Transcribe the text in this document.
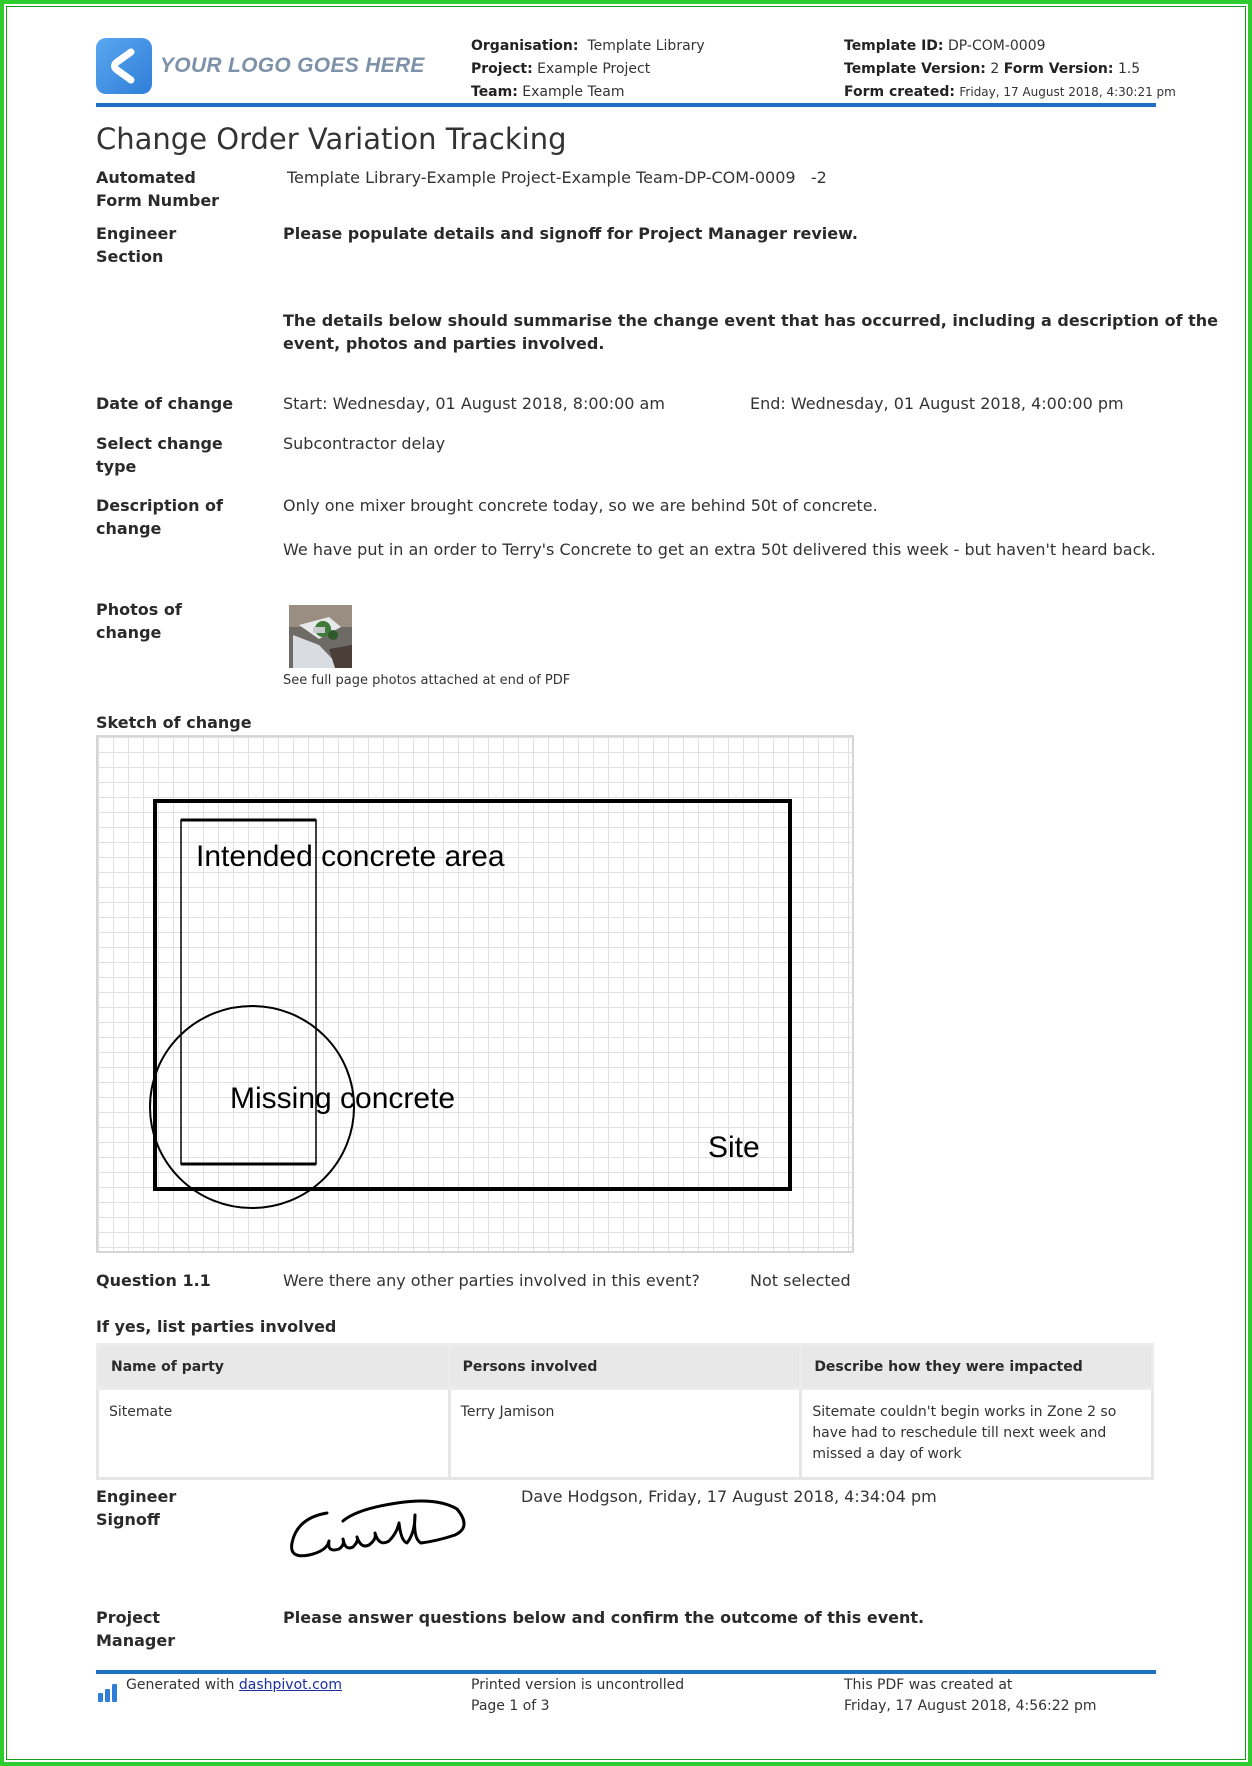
YOUR LOGO GOES HERE
Organisation: Template Library
Project: Example Project
Team: Example Team
Template ID: DP-COM-0009
Template Version: 2 Form Version: 1.5
Form created: Friday, 17 August 2018, 4:30:21 pm
Change Order Variation Tracking
Automated
Form Number
Template Library-Example Project-Example Team-DP-COM-0009   -2
Engineer
Section
Please populate details and signoff for Project Manager review.
The details below should summarise the change event that has occurred, including a description of the
event, photos and parties involved.
Date of change	Start: Wednesday, 01 August 2018, 8:00:00 am	End: Wednesday, 01 August 2018, 4:00:00 pm
Select change
type
Subcontractor delay
Description of
change
Only one mixer brought concrete today, so we are behind 50t of concrete.
We have put in an order to Terry's Concrete to get an extra 50t delivered this week - but haven't heard back.
Photos of
change
See full page photos attached at end of PDF
Sketch of change
Intended concrete area
Missing concrete
Site
Question 1.1	Were there any other parties involved in this event?	Not selected
If yes, list parties involved
Name of party	Persons involved	Describe how they were impacted
Sitemate	Terry Jamison	Sitemate couldn't begin works in Zone 2 so have had to reschedule till next week and missed a day of work
Engineer
Signoff
Dave Hodgson, Friday, 17 August 2018, 4:34:04 pm
Project
Manager
Please answer questions below and confirm the outcome of this event.
Generated with dashpivot.com	Printed version is uncontrolled
Page 1 of 3
This PDF was created at
Friday, 17 August 2018, 4:56:22 pm
